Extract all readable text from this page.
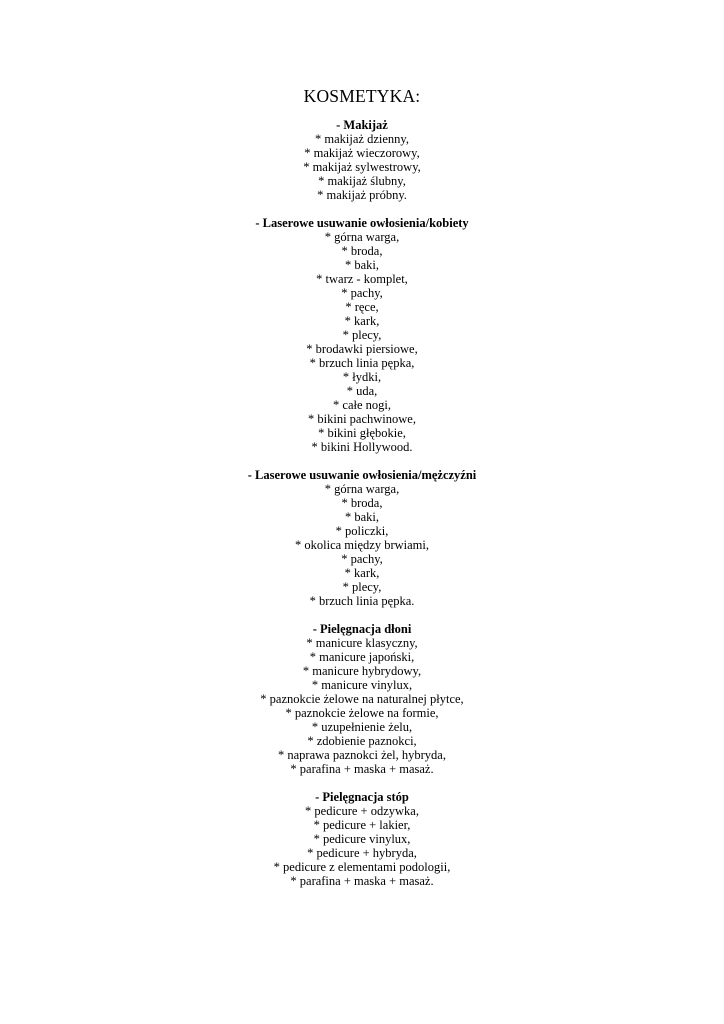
KOSMETYKA:

- Makijaż

* makijaż dzienny,

* makijaż wieczorowy,

* makijaż sylwestrowy,

* makijaż ślubny,

* makijaż próbny.

- Laserowe usuwanie owłosienia/kobiety

* górna warga,

* broda,

* baki,

* twarz - komplet,

* pachy,

* ręce,

* kark,

* plecy,

* brodawki piersiowe,

* brzuch linia pępka,

* łydki,

* uda,

* całe nogi,

* bikini pachwinowe,

* bikini głębokie,

* bikini Hollywood.

- Laserowe usuwanie owłosienia/mężczyźni

* górna warga,

* broda,

* baki,

* policzki,

* okolica między brwiami,

* pachy,

* kark,

* plecy,

* brzuch linia pępka.

- Pielęgnacja dłoni

* manicure klasyczny,

* manicure japoński,

* manicure hybrydowy,

* manicure vinylux,

* paznokcie żelowe na naturalnej płytce,

* paznokcie żelowe na formie,

* uzupełnienie żelu,

* zdobienie paznokci,

* naprawa paznokci żel, hybryda,

* parafina + maska + masaż.

- Pielęgnacja stóp

* pedicure + odzywka,

* pedicure + lakier,

* pedicure vinylux,

* pedicure + hybryda,

* pedicure z elementami podologii,

* parafina + maska + masaż.
